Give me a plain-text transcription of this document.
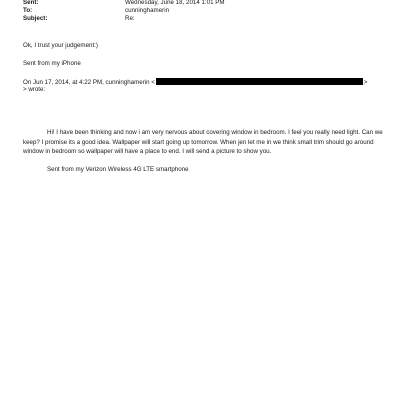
Sent:	Wednesday, June 18, 2014 1:01 PM
To:	cunninghamerin
Subject:	Re:
Ok, I trust your judgement:)
Sent from my iPhone
On Jun 17, 2014, at 4:22 PM, cunninghamerin <	>
> wrote:
Hi! I have been thinking and now i am very nervous about covering window in bedroom. I feel you really need light. Can we keep? I promise its a good idea. Wallpaper will start going up tomorrow. When jen let me in we think small trim should go around window in bedroom so wallpaper will have a place to end. I will send a picture to show you.
Sent from my Verizon Wireless 4G LTE smartphone
